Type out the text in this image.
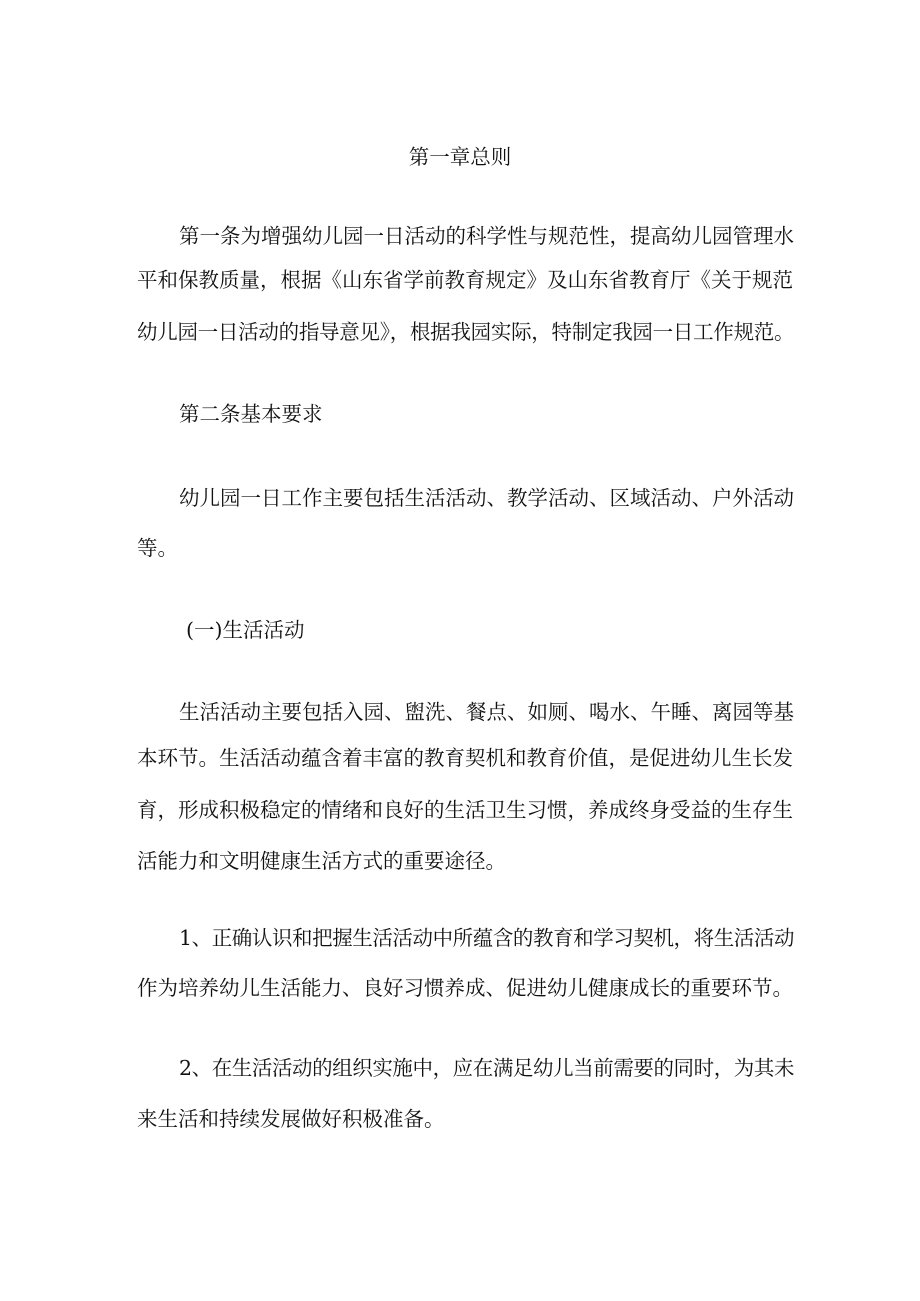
第一章总则
第一条为增强幼儿园一日活动的科学性与规范性，提高幼儿园管理水
平和保教质量，根据《山东省学前教育规定》及山东省教育厅《关于规范
幼儿园一日活动的指导意见》，根据我园实际，特制定我园一日工作规范。
第二条基本要求
幼儿园一日工作主要包括生活活动、教学活动、区域活动、户外活动
等。
(一)生活活动
生活活动主要包括入园、盥洗、餐点、如厕、喝水、午睡、离园等基
本环节。生活活动蕴含着丰富的教育契机和教育价值，是促进幼儿生长发
育，形成积极稳定的情绪和良好的生活卫生习惯，养成终身受益的生存生
活能力和文明健康生活方式的重要途径。
1、正确认识和把握生活活动中所蕴含的教育和学习契机，将生活活动
作为培养幼儿生活能力、良好习惯养成、促进幼儿健康成长的重要环节。
2、在生活活动的组织实施中，应在满足幼儿当前需要的同时，为其未
来生活和持续发展做好积极准备。
